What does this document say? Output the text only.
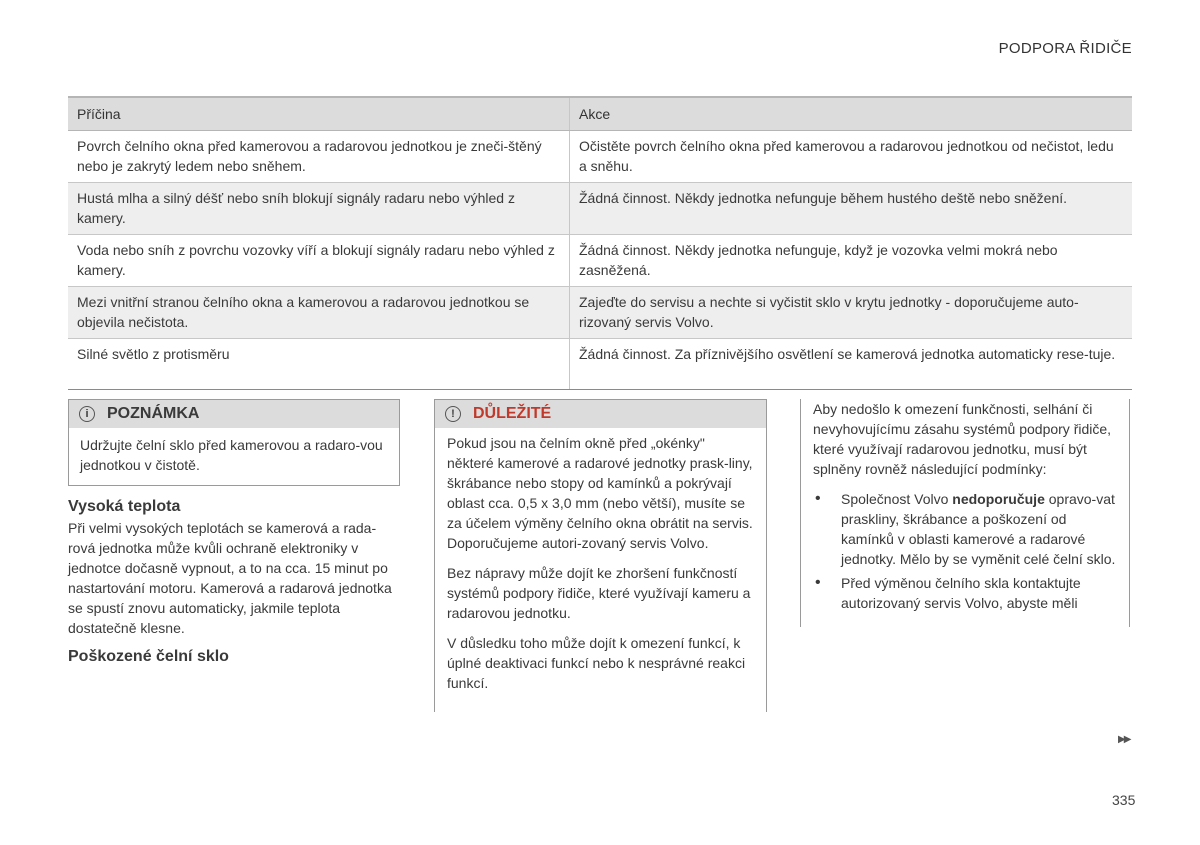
PODPORA ŘIDIČE
Příčina	Akce
Povrch čelního okna před kamerovou a radarovou jednotkou je zneči-štěný nebo je zakrytý ledem nebo sněhem.	Očistěte povrch čelního okna před kamerovou a radarovou jednotkou od nečistot, ledu a sněhu.
Hustá mlha a silný déšť nebo sníh blokují signály radaru nebo výhled z kamery.	Žádná činnost. Někdy jednotka nefunguje během hustého deště nebo sněžení.
Voda nebo sníh z povrchu vozovky víří a blokují signály radaru nebo výhled z kamery.	Žádná činnost. Někdy jednotka nefunguje, když je vozovka velmi mokrá nebo zasněžená.
Mezi vnitřní stranou čelního okna a kamerovou a radarovou jednotkou se objevila nečistota.	Zajeďte do servisu a nechte si vyčistit sklo v krytu jednotky - doporučujeme auto-rizovaný servis Volvo.
Silné světlo z protisměru	Žádná činnost. Za příznivějšího osvětlení se kamerová jednotka automaticky rese-tuje.
i	POZNÁMKA
Udržujte čelní sklo před kamerovou a radaro-vou jednotkou v čistotě.
Vysoká teplota

Při velmi vysokých teplotách se kamerová a rada-rová jednotka může kvůli ochraně elektroniky v jednotce dočasně vypnout, a to na cca. 15 minut po nastartování motoru. Kamerová a radarová jednotka se spustí znovu automaticky, jakmile teplota dostatečně klesne.

Poškozené čelní sklo
!	DŮLEŽITÉ

Pokud jsou na čelním okně před „okénky" některé kamerové a radarové jednotky prask-liny, škrábance nebo stopy od kamínků a pokrývají oblast cca. 0,5 x 3,0 mm (nebo větší), musíte se za účelem výměny čelního okna obrátit na servis. Doporučujeme autori-zovaný servis Volvo.

Bez nápravy může dojít ke zhoršení funkčností systémů podpory řidiče, které využívají kameru a radarovou jednotku.

V důsledku toho může dojít k omezení funkcí, k úplné deaktivaci funkcí nebo k nesprávné reakci funkcí.

Aby nedošlo k omezení funkčnosti, selhání či nevyhovujícímu zásahu systémů podpory řidiče, které využívají radarovou jednotku, musí být splněny rovněž následující podmínky:

• Společnost Volvo nedoporučuje opravo-vat praskliny, škrábance a poškození od kamínků v oblasti kamerové a radarové jednotky. Mělo by se vyměnit celé čelní sklo.
• Před výměnou čelního skla kontaktujte autorizovaný servis Volvo, abyste měli
▶▶
335
